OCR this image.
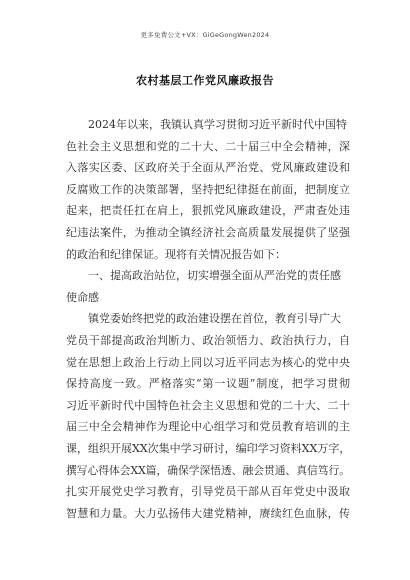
更多免费公文+VX：GiGeGongWen2024
农村基层工作党风廉政报告
2024年以来，我镇认真学习贯彻习近平新时代中国特
色社会主义思想和党的二十大、二十届三中全会精神，深
入落实区委、区政府关于全面从严治党、党风廉政建设和
反腐败工作的决策部署，坚持把纪律挺在前面，把制度立
起来，把责任扛在肩上，狠抓党风廉政建设，严肃查处违
纪违法案件，为推动全镇经济社会高质量发展提供了坚强
的政治和纪律保证。现将有关情况报告如下：
一、提高政治站位，切实增强全面从严治党的责任感
使命感
镇党委始终把党的政治建设摆在首位，教育引导广大
党员干部提高政治判断力、政治领悟力、政治执行力，自
觉在思想上政治上行动上同以习近平同志为核心的党中央
保持高度一致。严格落实“第一议题”制度，把学习贯彻
习近平新时代中国特色社会主义思想和党的二十大、二十
届三中全会精神作为理论中心组学习和党员教育培训的主
课，组织开展XX次集中学习研讨，编印学习资料XX万字，
撰写心得体会XX篇，确保学深悟透、融会贯通、真信笃行。
扎实开展党史学习教育，引导党员干部从百年党史中汲取
智慧和力量。大力弘扬伟大建党精神，赓续红色血脉，传
